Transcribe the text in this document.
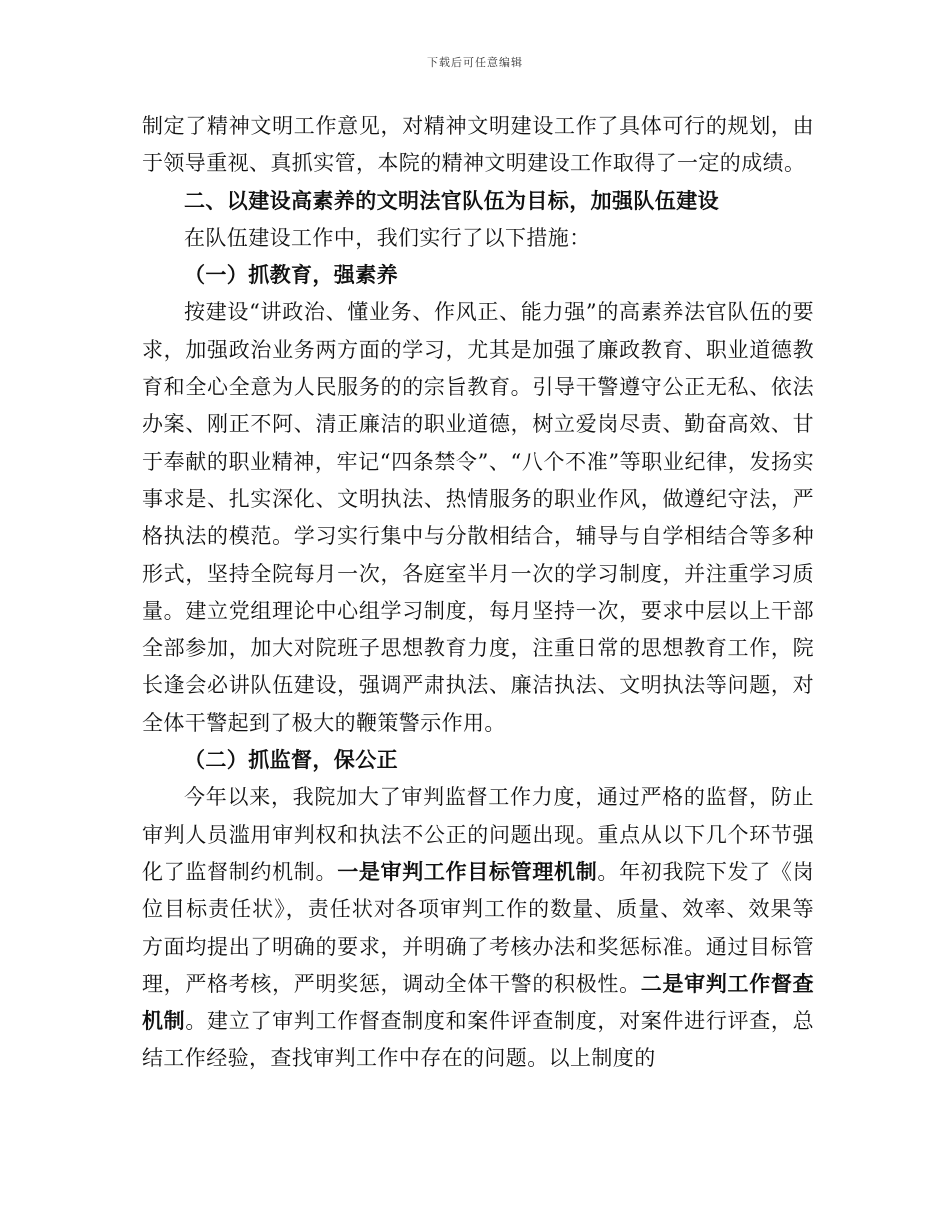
下载后可任意编辑

制定了精神文明工作意见，对精神文明建设工作了具体可行的规划，由于领导重视、真抓实管，本院的精神文明建设工作取得了一定的成绩。

二、以建设高素养的文明法官队伍为目标，加强队伍建设

在队伍建设工作中，我们实行了以下措施：

（一）抓教育，强素养

按建设“讲政治、懂业务、作风正、能力强”的高素养法官队伍的要求，加强政治业务两方面的学习，尤其是加强了廉政教育、职业道德教育和全心全意为人民服务的的宗旨教育。引导干警遵守公正无私、依法办案、刚正不阿、清正廉洁的职业道德，树立爱岗尽责、勤奋高效、甘于奉献的职业精神，牢记“四条禁令”、“八个不准”等职业纪律，发扬实事求是、扎实深化、文明执法、热情服务的职业作风，做遵纪守法，严格执法的模范。学习实行集中与分散相结合，辅导与自学相结合等多种形式，坚持全院每月一次，各庭室半月一次的学习制度，并注重学习质量。建立党组理论中心组学习制度，每月坚持一次，要求中层以上干部全部参加，加大对院班子思想教育力度，注重日常的思想教育工作，院长逢会必讲队伍建设，强调严肃执法、廉洁执法、文明执法等问题，对全体干警起到了极大的鞭策警示作用。

（二）抓监督，保公正

今年以来，我院加大了审判监督工作力度，通过严格的监督，防止审判人员滥用审判权和执法不公正的问题出现。重点从以下几个环节强化了监督制约机制。一是审判工作目标管理机制。年初我院下发了《岗位目标责任状》，责任状对各项审判工作的数量、质量、效率、效果等方面均提出了明确的要求，并明确了考核办法和奖惩标准。通过目标管理，严格考核，严明奖惩，调动全体干警的积极性。二是审判工作督查机制。建立了审判工作督查制度和案件评查制度，对案件进行评查，总结工作经验，查找审判工作中存在的问题。以上制度的
